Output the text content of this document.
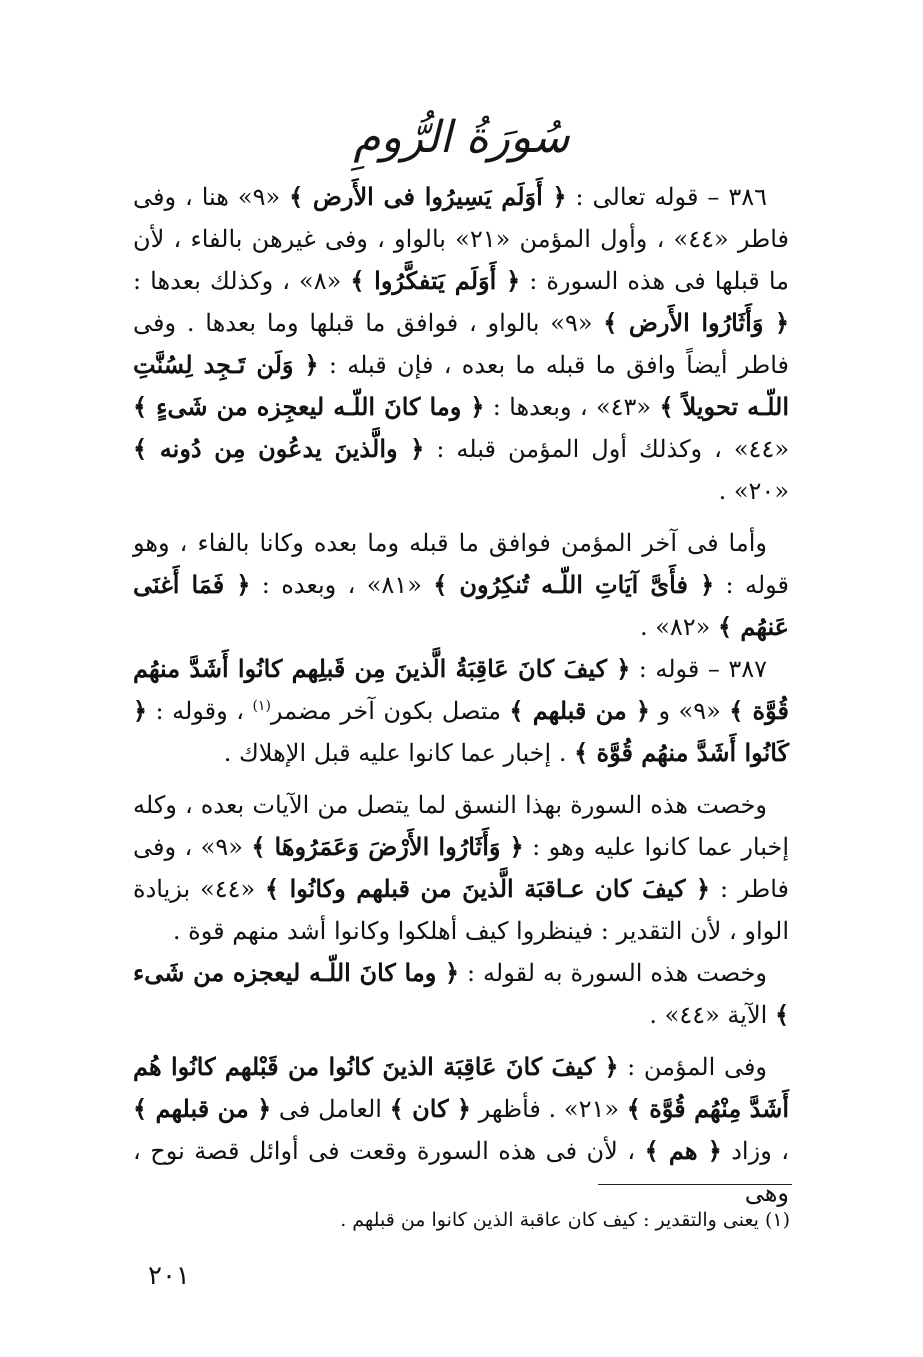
سُورَةُ الرُّومِ

٣٨٦ – قوله تعالى : ﴿ أَوَلَم يَسِيرُوا فى الأَرض ﴾ «٩» هنا ، وفى فاطر «٤٤» ، وأول المؤمن «٢١» بالواو ، وفى غيرهن بالفاء ، لأن ما قبلها فى هذه السورة : ﴿ أَوَلَم يَتفكَّرُوا ﴾ «٨» ، وكذلك بعدها : ﴿ وَأَثَارُوا الأَرض ﴾ «٩» بالواو ، فوافق ما قبلها وما بعدها . وفى فاطر أيضاً وافق ما قبله ما بعده ، فإن قبله : ﴿ وَلَن تَـجِد لِسُنَّتِ اللّـه تحويلاً ﴾ «٤٣» ، وبعدها : ﴿ وما كانَ اللّـه ليعجِزه من شَىءٍ ﴾ «٤٤» ، وكذلك أول المؤمن قبله : ﴿ والَّذينَ يدعُون مِن دُونه ﴾ «٢٠» .

وأما فى آخر المؤمن فوافق ما قبله وما بعده وكانا بالفاء ، وهو قوله : ﴿ فأَىَّ آيَاتِ اللّـه تُنكِرُون ﴾ «٨١» ، وبعده : ﴿ فَمَا أَغنَى عَنهُم ﴾ «٨٢» .

٣٨٧ – قوله : ﴿ كيفَ كانَ عَاقِبَةُ الَّذينَ مِن قَبلِهم كانُوا أَشَدَّ منهُم قُوَّة ﴾ «٩» و ﴿ من قبلهم ﴾ متصل بكون آخر مضمر$^{(١)}$ ، وقوله : ﴿ كَانُوا أَشَدَّ منهُم قُوَّة ﴾ . إخبار عما كانوا عليه قبل الإهلاك .

وخصت هذه السورة بهذا النسق لما يتصل من الآيات بعده ، وكله إخبار عما كانوا عليه وهو : ﴿ وَأَثَارُوا الأَرْضَ وَعَمَرُوهَا ﴾ «٩» ، وفى فاطر : ﴿ كيفَ كان عـاقبَة الَّذينَ من قبلهم وكانُوا ﴾ «٤٤» بزيادة الواو ، لأن التقدير : فينظروا كيف أهلكوا وكانوا أشد منهم قوة .

وخصت هذه السورة به لقوله : ﴿ وما كانَ اللّـه ليعجزه من شَىء ﴾ الآية «٤٤» .

وفى المؤمن : ﴿ كيفَ كانَ عَاقِبَة الذينَ كانُوا من قَبْلهم كانُوا هُم أَشَدَّ مِنْهُم قُوَّة ﴾ «٢١» . فأظهر ﴿ كان ﴾ العامل فى ﴿ من قبلهم ﴾ ، وزاد ﴿ هم ﴾ ، لأن فى هذه السورة وقعت فى أوائل قصة نوح ، وهى

(١) يعنى والتقدير : كيف كان عاقبة الذين كانوا من قبلهم .
٢٠١
